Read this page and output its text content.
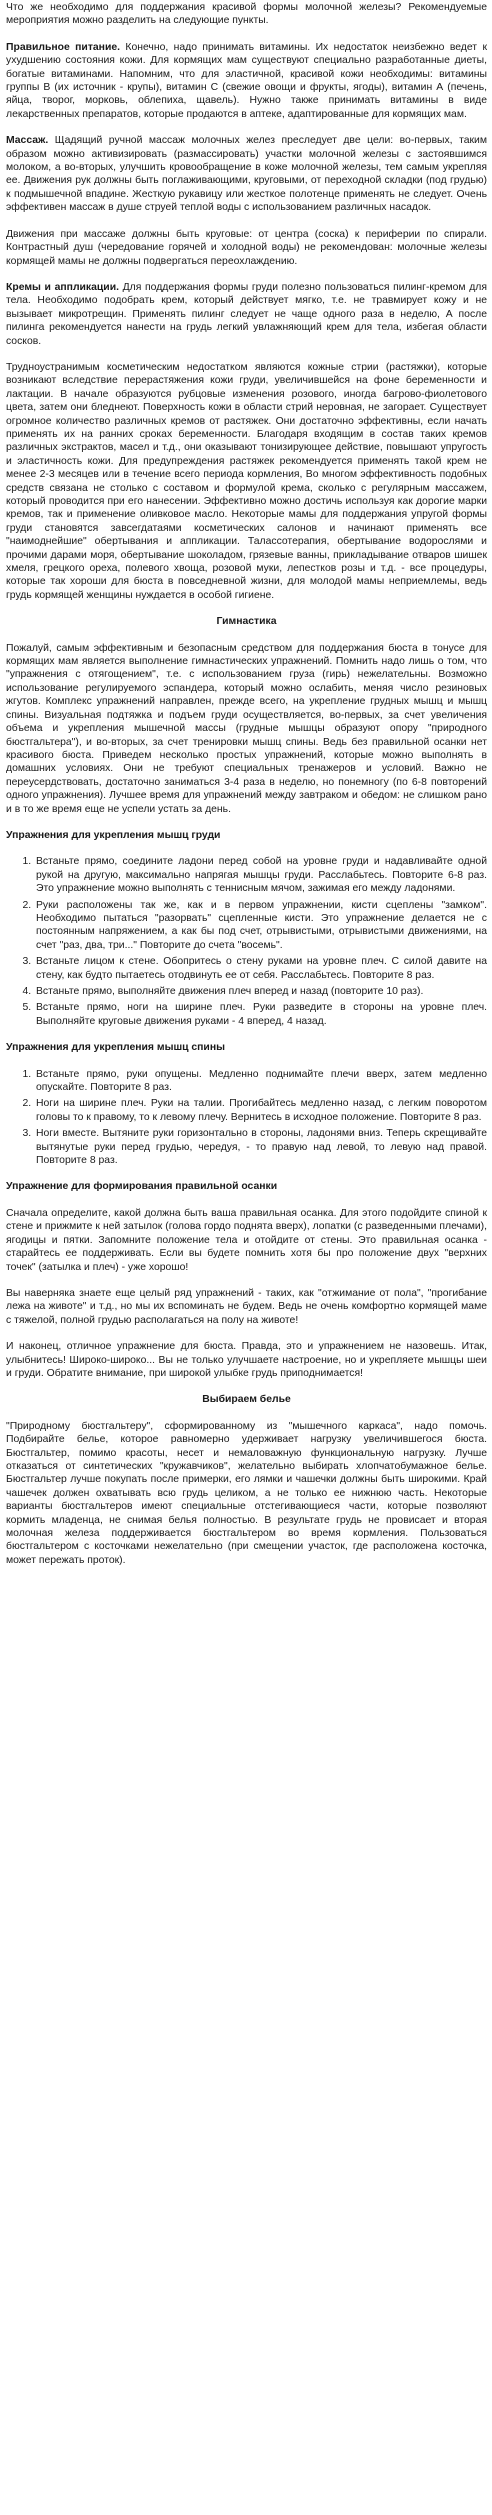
Что же необходимо для поддержания красивой формы молочной железы? Рекомендуемые мероприятия можно разделить на следующие пункты.

Правильное питание. Конечно, надо принимать витамины. Их недостаток неизбежно ведет к ухудшению состояния кожи. Для кормящих мам существуют специально разработанные диеты, богатые витаминами. Напомним, что для эластичной, красивой кожи необходимы: витамины группы В (их источник - крупы), витамин С (свежие овощи и фрукты, ягоды), витамин А (печень, яйца, творог, морковь, облепиха, щавель). Нужно также принимать витамины в виде лекарственных препаратов, которые продаются в аптеке, адаптированные для кормящих мам.

Массаж. Щадящий ручной массаж молочных желез преследует две цели: во-первых, таким образом можно активизировать (размассировать) участки молочной железы с застоявшимся молоком, а во-вторых, улучшить кровообращение в коже молочной железы, тем самым укрепляя ее. Движения рук должны быть поглаживающими, круговыми, от переходной складки (под грудью) к подмышечной впадине. Жесткую рукавицу или жесткое полотенце применять не следует. Очень эффективен массаж в душе струей теплой воды с использованием различных насадок.

Движения при массаже должны быть круговые: от центра (соска) к периферии по спирали. Контрастный душ (чередование горячей и холодной воды) не рекомендован: молочные железы кормящей мамы не должны подвергаться переохлаждению.

Кремы и аппликации. Для поддержания формы груди полезно пользоваться пилинг-кремом для тела. Необходимо подобрать крем, который действует мягко, т.е. не травмирует кожу и не вызывает микротрещин. Применять пилинг следует не чаще одного раза в неделю, А после пилинга рекомендуется нанести на грудь легкий увлажняющий крем для тела, избегая области сосков.

Трудноустранимым косметическим недостатком являются кожные стрии (растяжки), которые возникают вследствие перерастяжения кожи груди, увеличившейся на фоне беременности и лактации. В начале образуются рубцовые изменения розового, иногда багрово-фиолетового цвета, затем они бледнеют. Поверхность кожи в области стрий неровная, не загорает. Существует огромное количество различных кремов от растяжек. Они достаточно эффективны, если начать применять их на ранних сроках беременности. Благодаря входящим в состав таких кремов различных экстрактов, масел и т.д., они оказывают тонизирующее действие, повышают упругость и эластичность кожи. Для предупреждения растяжек рекомендуется применять такой крем не менее 2-3 месяцев или в течение всего периода кормления, Во многом эффективность подобных средств связана не столько с составом и формулой крема, сколько с регулярным массажем, который проводится при его нанесении. Эффективно можно достичь используя как дорогие марки кремов, так и применение оливковое масло. Некоторые мамы для поддержания упругой формы груди становятся завсегдатаями косметических салонов и начинают применять все "наимоднейшие" обертывания и аппликации. Талассотерапия, обертывание водорослями и прочими дарами моря, обертывание шоколадом, грязевые ванны, прикладывание отваров шишек хмеля, грецкого ореха, полевого хвоща, розовой муки, лепестков розы и т.д. - все процедуры, которые так хороши для бюста в повседневной жизни, для молодой мамы неприемлемы, ведь грудь кормящей женщины нуждается в особой гигиене.

Гимнастика

Пожалуй, самым эффективным и безопасным средством для поддержания бюста в тонусе для кормящих мам является выполнение гимнастических упражнений. Помнить надо лишь о том, что "упражнения с отягощением", т.е. с использованием груза (гирь) нежелательны. Возможно использование регулируемого эспандера, который можно ослабить, меняя число резиновых жгутов. Комплекс упражнений направлен, прежде всего, на укрепление грудных мышц и мышц спины. Визуальная подтяжка и подъем груди осуществляется, во-первых, за счет увеличения объема и укрепления мышечной массы (грудные мышцы образуют опору "природного бюстгальтера"), и во-вторых, за счет тренировки мышц спины. Ведь без правильной осанки нет красивого бюста. Приведем несколько простых упражнений, которые можно выполнять в домашних условиях. Они не требуют специальных тренажеров и условий. Важно не переусердствовать, достаточно заниматься 3-4 раза в неделю, но понемногу (по 6-8 повторений одного упражнения). Лучшее время для упражнений между завтраком и обедом: не слишком рано и в то же время еще не успели устать за день.

Упражнения для укрепления мышц груди
1. Встаньте прямо, соедините ладони перед собой на уровне груди и надавливайте одной рукой на другую, максимально напрягая мышцы груди. Расслабьтесь. Повторите 6-8 раз. Это упражнение можно выполнять с теннисным мячом, зажимая его между ладонями.
2. Руки расположены так же, как и в первом упражнении, кисти сцеплены "замком". Необходимо пытаться "разорвать" сцепленные кисти. Это упражнение делается не с постоянным напряжением, а как бы под счет, отрывистыми, отрывистыми движениями, на счет "раз, два, три..." Повторите до счета "восемь".
3. Встаньте лицом к стене. Обопритесь о стену руками на уровне плеч. С силой давите на стену, как будто пытаетесь отодвинуть ее от себя. Расслабьтесь. Повторите 8 раз.
4. Встаньте прямо, выполняйте движения плеч вперед и назад (повторите 10 раз).
5. Встаньте прямо, ноги на ширине плеч. Руки разведите в стороны на уровне плеч. Выполняйте круговые движения руками - 4 вперед, 4 назад.
Упражнения для укрепления мышц спины
1. Встаньте прямо, руки опущены. Медленно поднимайте плечи вверх, затем медленно опускайте. Повторите 8 раз.
2. Ноги на ширине плеч. Руки на талии. Прогибайтесь медленно назад, с легким поворотом головы то к правому, то к левому плечу. Вернитесь в исходное положение. Повторите 8 раз.
3. Ноги вместе. Вытяните руки горизонтально в стороны, ладонями вниз. Теперь скрещивайте вытянутые руки перед грудью, чередуя, - то правую над левой, то левую над правой. Повторите 8 раз.
Упражнение для формирования правильной осанки

Сначала определите, какой должна быть ваша правильная осанка. Для этого подойдите спиной к стене и прижмите к ней затылок (голова гордо поднята вверх), лопатки (с разведенными плечами), ягодицы и пятки. Запомните положение тела и отойдите от стены. Это правильная осанка - старайтесь ее поддерживать. Если вы будете помнить хотя бы про положение двух "верхних точек" (затылка и плеч) - уже хорошо!

Вы наверняка знаете еще целый ряд упражнений - таких, как "отжимание от пола", "прогибание лежа на животе" и т.д., но мы их вспоминать не будем. Ведь не очень комфортно кормящей маме с тяжелой, полной грудью располагаться на полу на животе!

И наконец, отличное упражнение для бюста. Правда, это и упражнением не назовешь. Итак, улыбнитесь! Широко-широко... Вы не только улучшаете настроение, но и укрепляете мышцы шеи и груди. Обратите внимание, при широкой улыбке грудь приподнимается!

Выбираем белье

"Природному бюстгальтеру", сформированному из "мышечного каркаса", надо помочь. Подбирайте белье, которое равномерно удерживает нагрузку увеличившегося бюста. Бюстгальтер, помимо красоты, несет и немаловажную функциональную нагрузку. Лучше отказаться от синтетических "кружавчиков", желательно выбирать хлопчатобумажное белье. Бюстгальтер лучше покупать после примерки, его лямки и чашечки должны быть широкими. Край чашечек должен охватывать всю грудь целиком, а не только ее нижнюю часть. Некоторые варианты бюстгальтеров имеют специальные отстегивающиеся части, которые позволяют кормить младенца, не снимая белья полностью. В результате грудь не провисает и вторая молочная железа поддерживается бюстгальтером во время кормления. Пользоваться бюстгальтером с косточками нежелательно (при смещении участок, где расположена косточка, может пережать проток).
